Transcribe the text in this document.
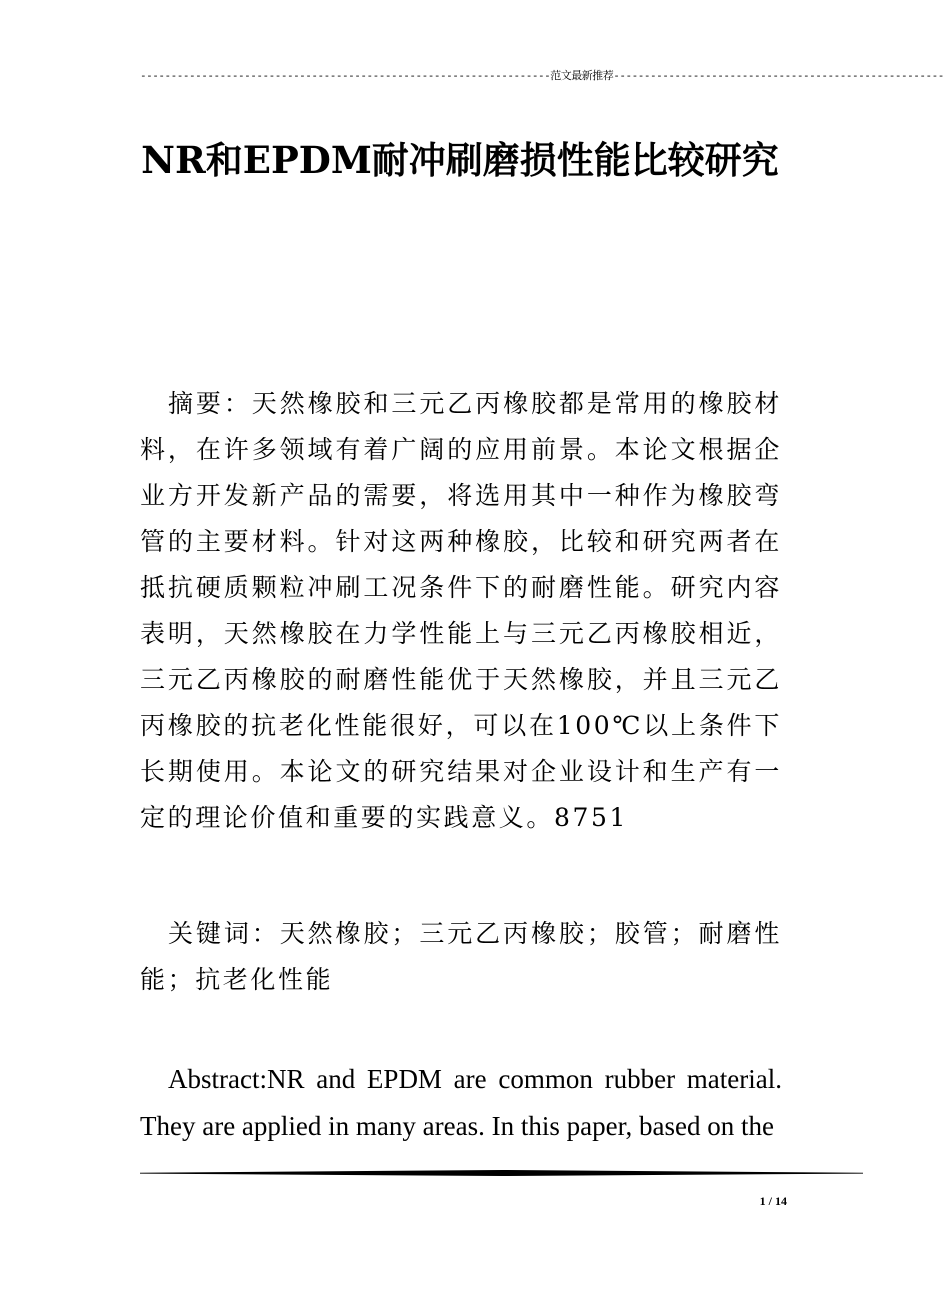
-------------------------------------------------------------------范文最新推荐------------------------------------------------------
NR和EPDM耐冲刷磨损性能比较研究

摘要：天然橡胶和三元乙丙橡胶都是常用的橡胶材料，在许多领域有着广阔的应用前景。本论文根据企业方开发新产品的需要，将选用其中一种作为橡胶弯管的主要材料。针对这两种橡胶，比较和研究两者在抵抗硬质颗粒冲刷工况条件下的耐磨性能。研究内容表明，天然橡胶在力学性能上与三元乙丙橡胶相近，三元乙丙橡胶的耐磨性能优于天然橡胶，并且三元乙丙橡胶的抗老化性能很好，可以在100℃以上条件下长期使用。本论文的研究结果对企业设计和生产有一定的理论价值和重要的实践意义。8751

关键词：天然橡胶；三元乙丙橡胶；胶管；耐磨性能；抗老化性能

Abstract:NR and EPDM are common rubber material. They are applied in many areas. In this paper, based on the

1 / 14
